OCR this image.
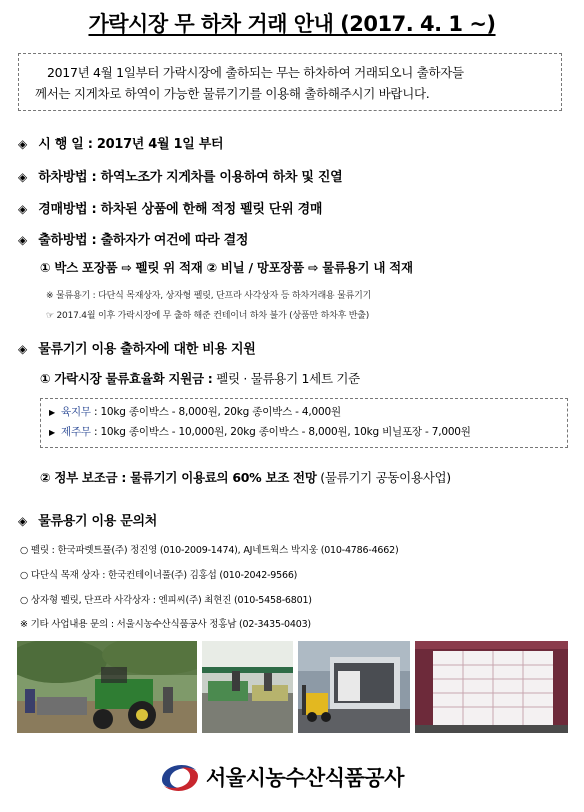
가락시장 무 하차 거래 안내 (2017. 4. 1 ~)
2017년 4월 1일부터 가락시장에 출하되는 무는 하차하여 거래되오니 출하자들
께서는 지게차로 하역이 가능한 물류기기를 이용해 출하해주시기 바랍니다.
◈ 시 행 일 : 2017년 4월 1일 부터
◈ 하차방법 : 하역노조가 지게차를 이용하여 하차 및 진열
◈ 경매방법 : 하차된 상품에 한해 적정 펠릿 단위 경매
◈ 출하방법 : 출하자가 여건에 따라 결정
① 박스 포장품 ⇨ 펠릿 위 적재 ② 비닐 / 망포장품 ⇨ 물류용기 내 적재
※ 물류용기 : 다단식 목재상자, 상자형 펠릿, 단프라 사각상자 등 하차거래용 물류기기
☞ 2017.4월 이후 가락시장에 무 출하 해준 컨테이너 하차 불가 (상품만 하차후 반출)
◈ 물류기기 이용 출하자에 대한 비용 지원
① 가락시장 물류효율화 지원금 : 펠릿 · 물류용기 1세트 기준
▶ 육지무 : 10kg 종이박스 - 8,000원, 20kg 종이박스 - 4,000원
▶ 제주무 : 10kg 종이박스 - 10,000원, 20kg 종이박스 - 8,000원, 10kg 비닐포장 - 7,000원
② 정부 보조금 : 물류기기 이용료의 60% 보조 전망 (물류기기 공동이용사업)
◈ 물류용기 이용 문의처
○ 펠릿 : 한국파렛트풀(주) 정진영 (010-2009-1474), AJ네트웍스 박지웅 (010-4786-4662)
○ 다단식 목재 상자 : 한국컨테이너풀(주) 김홍섭 (010-2042-9566)
○ 상자형 펠릿, 단프라 사각상자 : 엔피씨(주) 최현진 (010-5458-6801)
※ 기타 사업내용 문의 : 서울시농수산식품공사 정홍남 (02-3435-0403)
서울시농수산식품공사
